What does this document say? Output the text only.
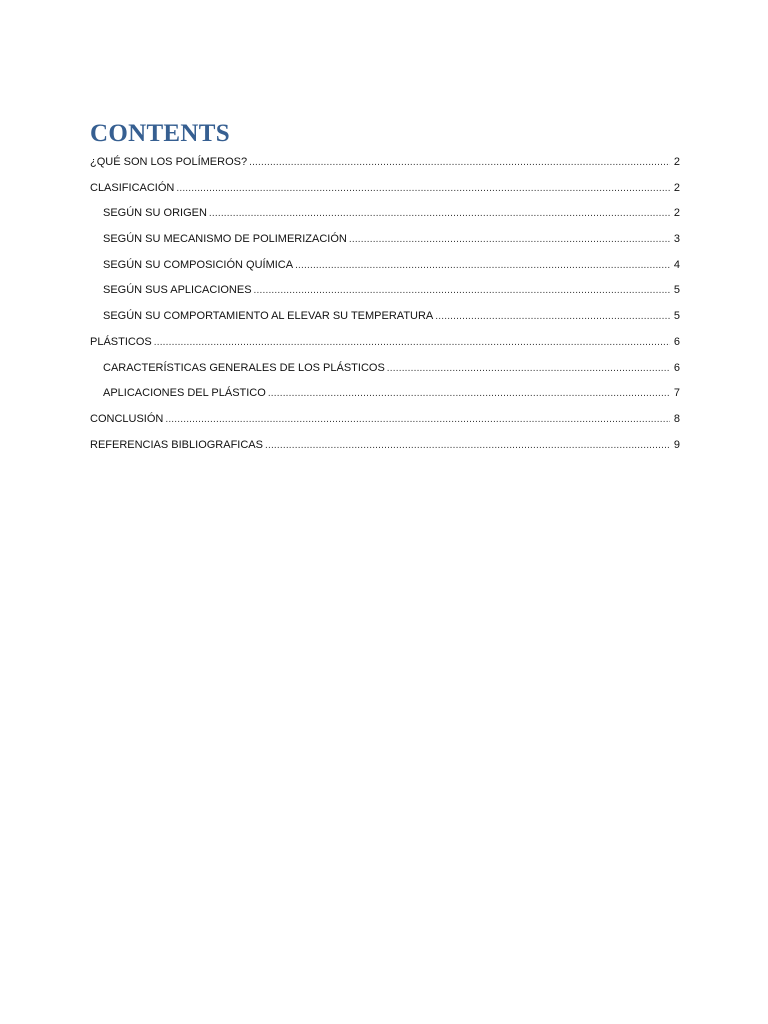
CONTENTS
¿QUÉ SON LOS POLÍMEROS? .....	2
CLASIFICACIÓN .....	2
SEGÚN SU ORIGEN .....	2
SEGÚN SU MECANISMO DE POLIMERIZACIÓN .....	3
SEGÚN SU COMPOSICIÓN QUÍMICA .....	4
SEGÚN SUS APLICACIONES .....	5
SEGÚN SU COMPORTAMIENTO AL ELEVAR SU TEMPERATURA .....	5
PLÁSTICOS .....	6
CARACTERÍSTICAS GENERALES DE LOS PLÁSTICOS .....	6
APLICACIONES DEL PLÁSTICO .....	7
CONCLUSIÓN .....	8
REFERENCIAS BIBLIOGRAFICAS .....	9
